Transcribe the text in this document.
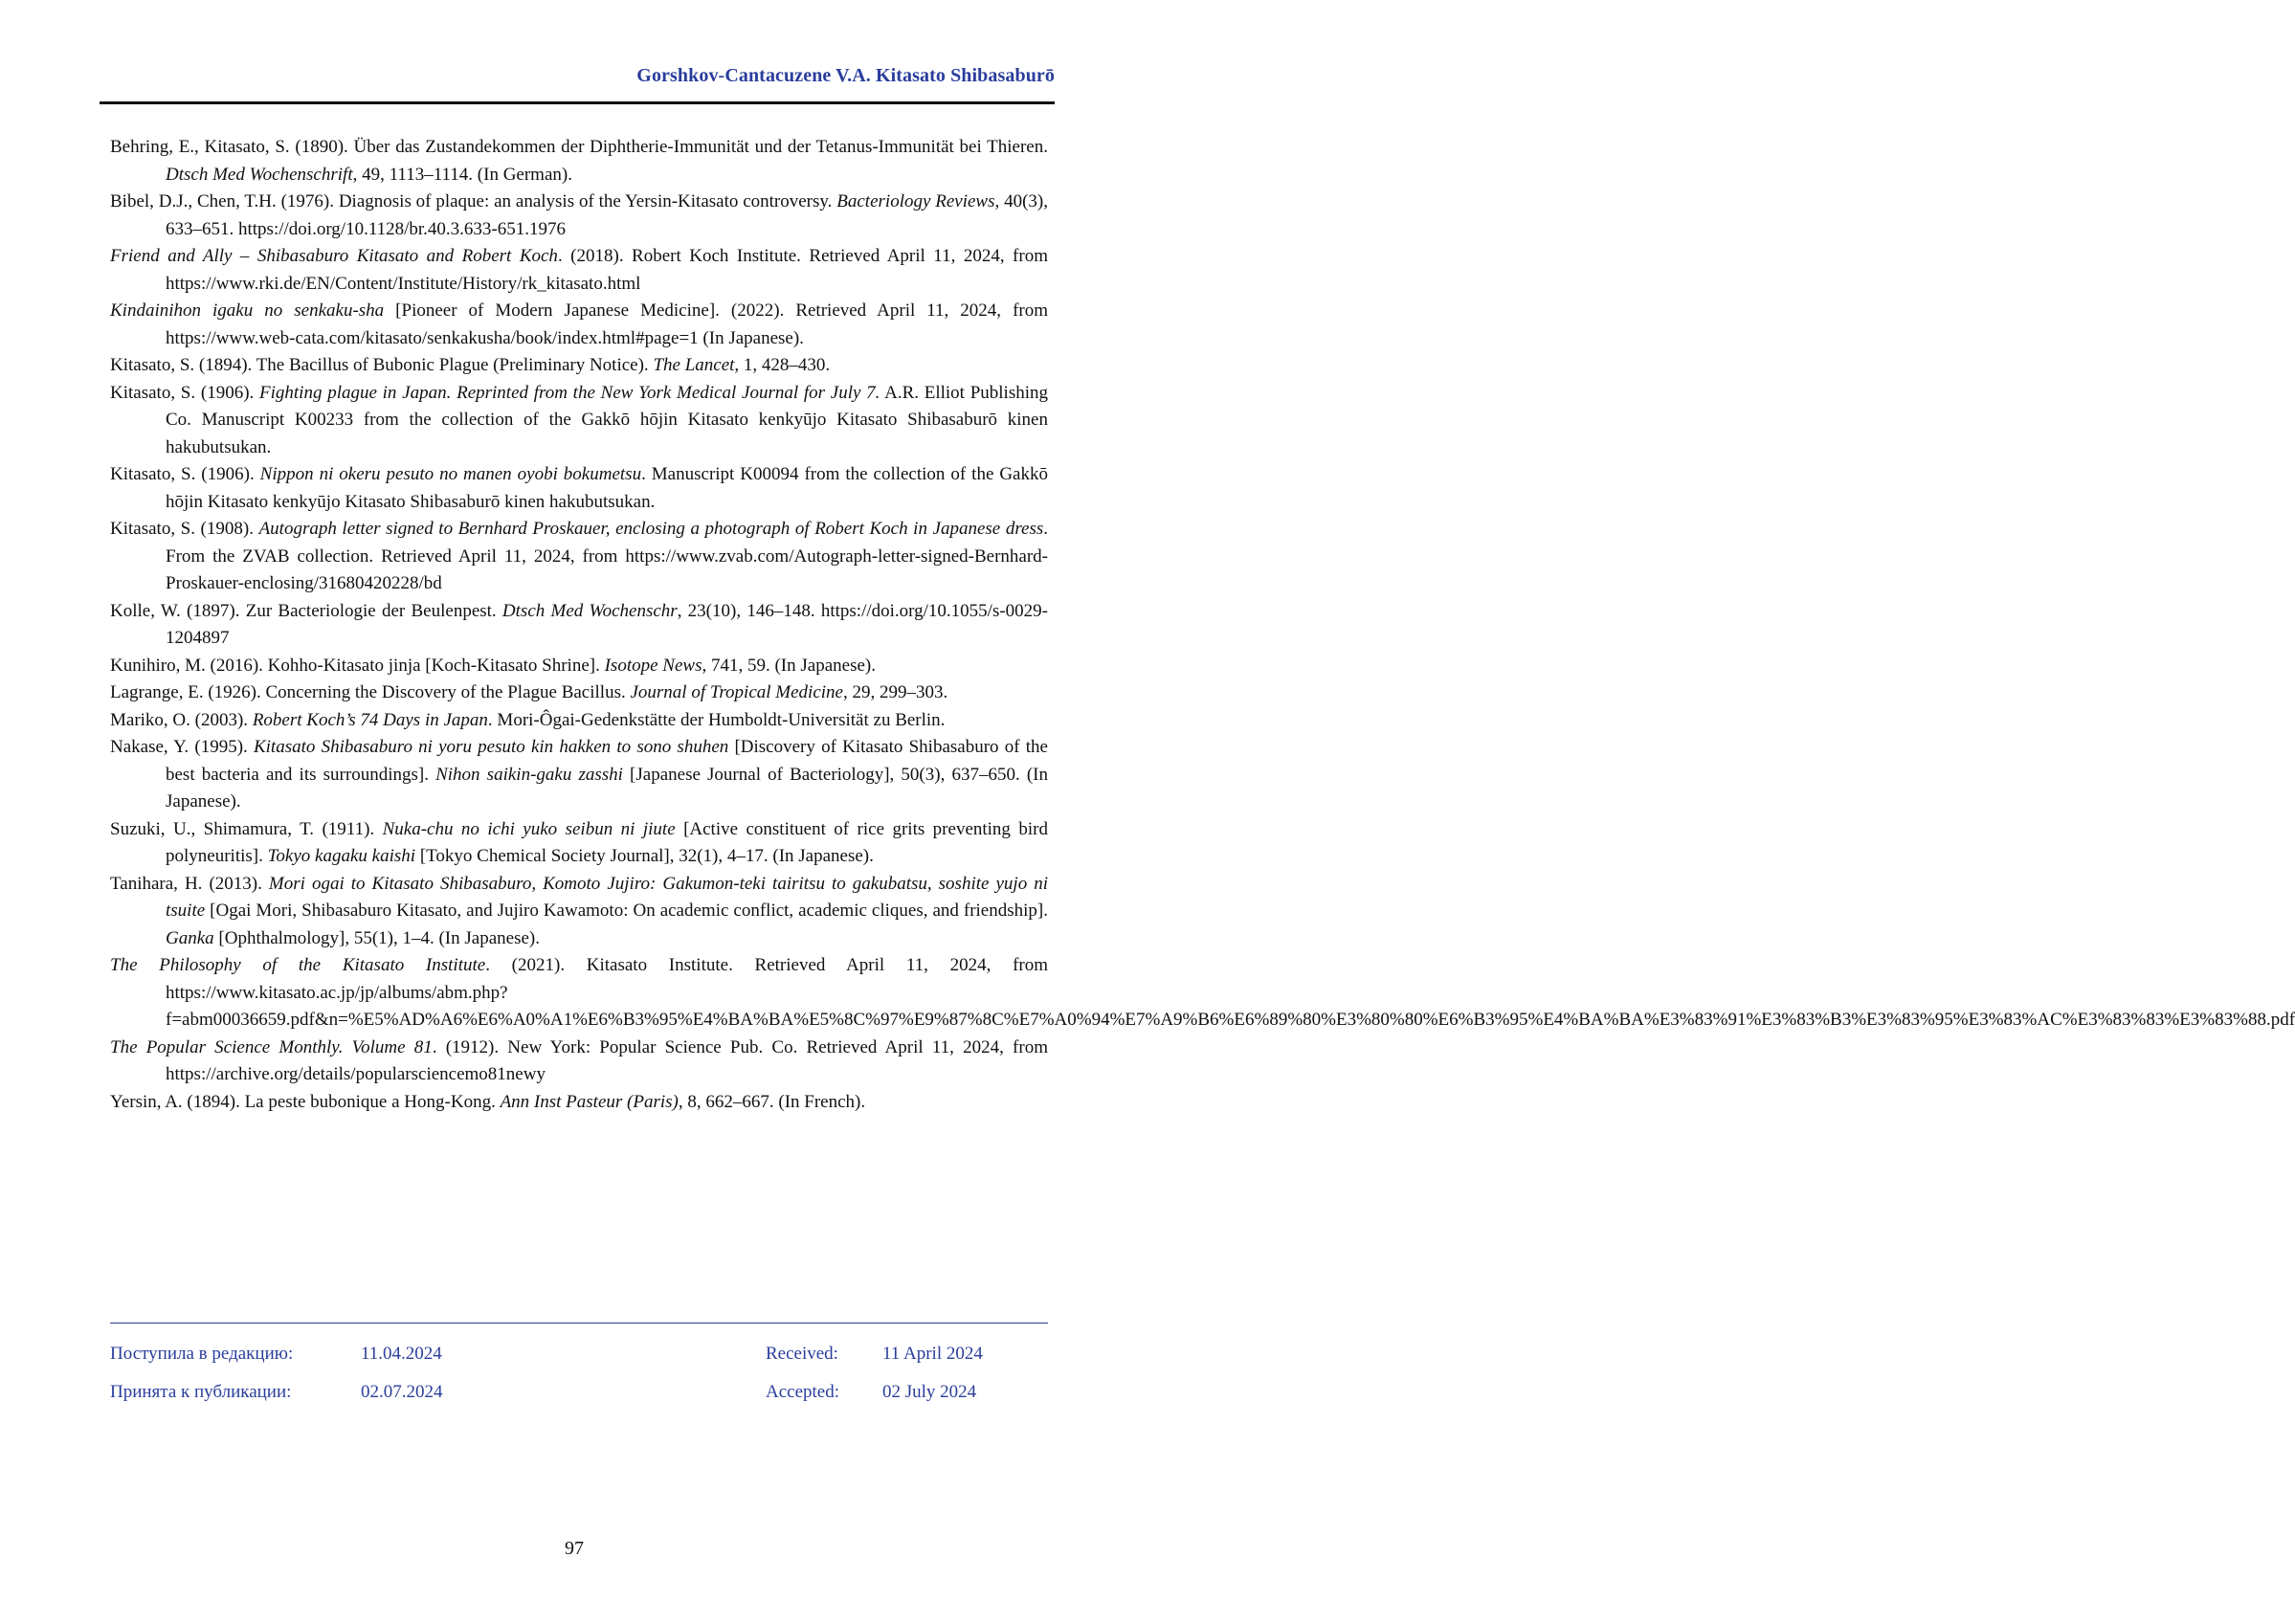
Gorshkov-Cantacuzene V.A. Kitasato Shibasaburō

Behring, E., Kitasato, S. (1890). Über das Zustandekommen der Diphtherie-Immunität und der Tetanus-Immunität bei Thieren. Dtsch Med Wochenschrift, 49, 1113–1114. (In German).

Bibel, D.J., Chen, T.H. (1976). Diagnosis of plaque: an analysis of the Yersin-Kitasato controversy. Bacteriology Reviews, 40(3), 633–651. https://doi.org/10.1128/br.40.3.633-651.1976

Friend and Ally – Shibasaburo Kitasato and Robert Koch. (2018). Robert Koch Institute. Retrieved April 11, 2024, from https://www.rki.de/EN/Content/Institute/History/rk_kitasato.html

Kindainihon igaku no senkaku-sha [Pioneer of Modern Japanese Medicine]. (2022). Retrieved April 11, 2024, from https://www.web-cata.com/kitasato/senkakusha/book/index.html#page=1 (In Japanese).

Kitasato, S. (1894). The Bacillus of Bubonic Plague (Preliminary Notice). The Lancet, 1, 428–430.

Kitasato, S. (1906). Fighting plague in Japan. Reprinted from the New York Medical Journal for July 7. A.R. Elliot Publishing Co. Manuscript K00233 from the collection of the Gakkō hōjin Kitasato kenkyūjo Kitasato Shibasaburō kinen hakubutsukan.

Kitasato, S. (1906). Nippon ni okeru pesuto no manen oyobi bokumetsu. Manuscript K00094 from the collection of the Gakkō hōjin Kitasato kenkyūjo Kitasato Shibasaburō kinen hakubutsukan.

Kitasato, S. (1908). Autograph letter signed to Bernhard Proskauer, enclosing a photograph of Robert Koch in Japanese dress. From the ZVAB collection. Retrieved April 11, 2024, from https://www.zvab.com/Autograph-letter-signed-Bernhard-Proskauer-enclosing/31680420228/bd

Kolle, W. (1897). Zur Bacteriologie der Beulenpest. Dtsch Med Wochenschr, 23(10), 146–148. https://doi.org/10.1055/s-0029-1204897

Kunihiro, M. (2016). Kohho-Kitasato jinja [Koch-Kitasato Shrine]. Isotope News, 741, 59. (In Japanese).

Lagrange, E. (1926). Concerning the Discovery of the Plague Bacillus. Journal of Tropical Medicine, 29, 299–303.

Mariko, O. (2003). Robert Koch’s 74 Days in Japan. Mori-Ôgai-Gedenkstätte der Humboldt-Universität zu Berlin.

Nakase, Y. (1995). Kitasato Shibasaburo ni yoru pesuto kin hakken to sono shuhen [Discovery of Kitasato Shibasaburo of the best bacteria and its surroundings]. Nihon saikin-gaku zasshi [Japanese Journal of Bacteriology], 50(3), 637–650. (In Japanese).

Suzuki, U., Shimamura, T. (1911). Nuka-chu no ichi yuko seibun ni jiute [Active constituent of rice grits preventing bird polyneuritis]. Tokyo kagaku kaishi [Tokyo Chemical Society Journal], 32(1), 4–17. (In Japanese).

Tanihara, H. (2013). Mori ogai to Kitasato Shibasaburo, Komoto Jujiro: Gakumon-teki tairitsu to gakubatsu, soshite yujo ni tsuite [Ogai Mori, Shibasaburo Kitasato, and Jujiro Kawamoto: On academic conflict, academic cliques, and friendship]. Ganka [Ophthalmology], 55(1), 1–4. (In Japanese).

The Philosophy of the Kitasato Institute. (2021). Kitasato Institute. Retrieved April 11, 2024, from https://www.kitasato.ac.jp/jp/albums/abm.php?f=abm00036659.pdf&n=%E5%AD%A6%E6%A0%A1%E6%B3%95%E4%BA%BA%E5%8C%97%E9%87%8C%E7%A0%94%E7%A9%B6%E6%89%80%E3%80%80%E6%B3%95%E4%BA%BA%E3%83%91%E3%83%B3%E3%83%95%E3%83%AC%E3%83%83%E3%83%88.pdf

The Popular Science Monthly. Volume 81. (1912). New York: Popular Science Pub. Co. Retrieved April 11, 2024, from https://archive.org/details/popularsciencemo81newy

Yersin, A. (1894). La peste bubonique a Hong-Kong. Ann Inst Pasteur (Paris), 8, 662–667. (In French).

Поступила в редакцию:	11.04.2024
Принята к публикации:	02.07.2024
Received: 11 April 2024
Accepted: 02 July 2024
97
